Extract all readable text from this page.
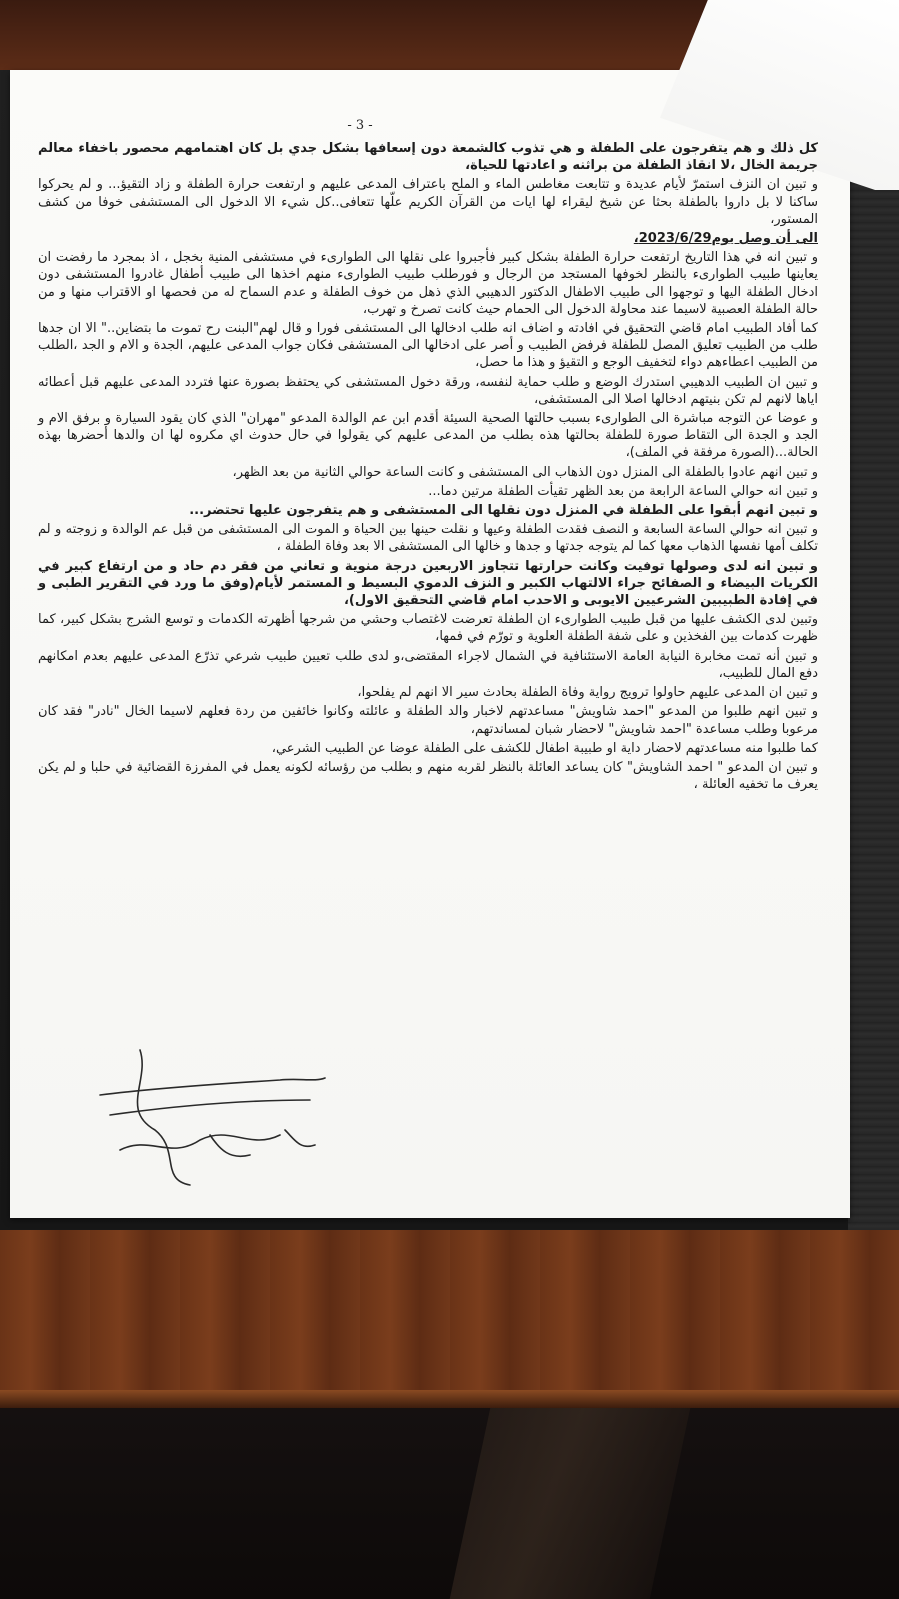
- 3 -

كل ذلك و هم يتفرجون على الطفلة و هي تذوب كالشمعة دون إسعافها بشكل جدي بل كان اهتمامهم محصور باخفاء معالم جريمة الخال ،لا انقاذ الطفلة من براثنه و اعادتها للحياة،

و تبين ان النزف استمرّ لأيام عديدة و تتابعت مغاطس الماء و الملح باعتراف المدعى عليهم و ارتفعت حرارة الطفلة و زاد التقيؤ... و لم يحركوا ساكنا لا بل داروا بالطفلة بحثا عن شيخ ليقراء لها ايات من القرآن الكريم علّها تتعافى..كل شيء الا الدخول الى المستشفى خوفا من كشف المستور،

الى أن وصل يوم2023/6/29،

و تبين انه في هذا التاريخ ارتفعت حرارة الطفلة بشكل كبير فأجبروا على نقلها الى الطوارىء في مستشفى المنية بخجل ، اذ بمجرد ما رفضت ان يعاينها طبيب الطوارىء بالنظر لخوفها المستجد من الرجال و فورطلب طبيب الطوارىء منهم اخذها الى طبيب أطفال غادروا المستشفى دون ادخال الطفلة اليها و توجهوا الى طبيب الاطفال الدكتور الدهيبي الذي ذهل من خوف الطفلة و عدم السماح له من فحصها او الاقتراب منها و من حالة الطفلة العصبية لاسيما عند محاولة الدخول الى الحمام حيث كانت تصرخ و تهرب،

كما أفاد الطبيب امام قاضي التحقيق في افادته و اضاف انه طلب ادخالها الى المستشفى فورا و قال لهم"البنت رح تموت ما بتضاين.." الا ان جدها طلب من الطبيب تعليق المصل للطفلة فرفض الطبيب و أصر على ادخالها الى المستشفى فكان جواب المدعى عليهم، الجدة و الام و الجد ،الطلب من الطبيب اعطاءهم دواء لتخفيف الوجع و التقيؤ و هذا ما حصل،

و تبين ان الطبيب الدهيبي استدرك الوضع و طلب حماية لنفسه، ورقة دخول المستشفى كي يحتفظ بصورة عنها فتردد المدعى عليهم قبل أعطائه اياها لانهم لم تكن بنيتهم ادخالها اصلا الى المستشفى،

و عوضا عن التوجه مباشرة الى الطوارىء بسبب حالتها الصحية السيئة أقدم ابن عم الوالدة المدعو "مهران" الذي كان يقود السيارة و برفق الام و الجد و الجدة الى التقاط صورة للطفلة بحالتها هذه بطلب من المدعى عليهم كي يقولوا في حال حدوث اي مكروه لها ان والدها أحضرها بهذه الحالة...(الصورة مرفقة في الملف)،

و تبين انهم عادوا بالطفلة الى المنزل دون الذهاب الى المستشفى و كانت الساعة حوالي الثانية من بعد الظهر،

و تبين انه حوالي الساعة الرابعة من بعد الظهر تقيأت الطفلة مرتين دما...

و تبين انهم أبقوا على الطفلة في المنزل دون نقلها الى المستشفى و هم يتفرجون عليها تحتضر...

و تبين انه حوالي الساعة السابعة و النصف فقدت الطفلة وعيها و نقلت حينها بين الحياة و الموت الى المستشفى من قبل عم الوالدة و زوجته و لم تكلف أمها نفسها الذهاب معها كما لم يتوجه جدتها و جدها و خالها الى المستشفى الا بعد وفاة الطفلة ،

و تبين انه لدى وصولها توفيت وكانت حرارتها تتجاوز الاربعين درجة منوية و تعاني من فقر دم حاد و من ارتفاع كبير في الكريات البيضاء و الصفائح جراء الالتهاب الكبير و النزف الدموي البسيط و المستمر لأيام(وفق ما ورد في التقرير الطبى و في إفادة الطبيبين الشرعيين الايوبى و الاحدب امام قاضي التحقيق الاول)،

وتبين لدى الكشف عليها من قبل طبيب الطوارىء ان الطفلة تعرضت لاغتصاب وحشي من شرجها أظهرته الكدمات و توسع الشرج بشكل كبير، كما ظهرت كدمات بين الفخذين و على شفة الطفلة العلوية و تورّم في فمها،

و تبين أنه تمت مخابرة النيابة العامة الاستئنافية في الشمال لاجراء المقتضى،و لدى طلب تعيين طبيب شرعي تذرّع المدعى عليهم بعدم امكانهم دفع المال للطبيب،

و تبين ان المدعى عليهم حاولوا ترويج رواية وفاة الطفلة بحادث سير الا انهم لم يفلحوا،

و تبين انهم طلبوا من المدعو "احمد شاويش" مساعدتهم لاخبار والد الطفلة و عائلته وكانوا خائفين من ردة فعلهم لاسيما الخال "نادر" فقد كان مرعوبا وطلب مساعدة "احمد شاويش" لاحضار شبان لمساندتهم،

كما طلبوا منه مساعدتهم لاحضار داية او طبيبة اطفال للكشف على الطفلة عوضا عن الطبيب الشرعي،

و تبين ان المدعو " احمد الشاويش" كان يساعد العائلة بالنظر لقربه منهم و بطلب من رؤسائه لكونه يعمل في المفرزة القضائية في حلبا و لم يكن يعرف ما تخفيه العائلة ،
